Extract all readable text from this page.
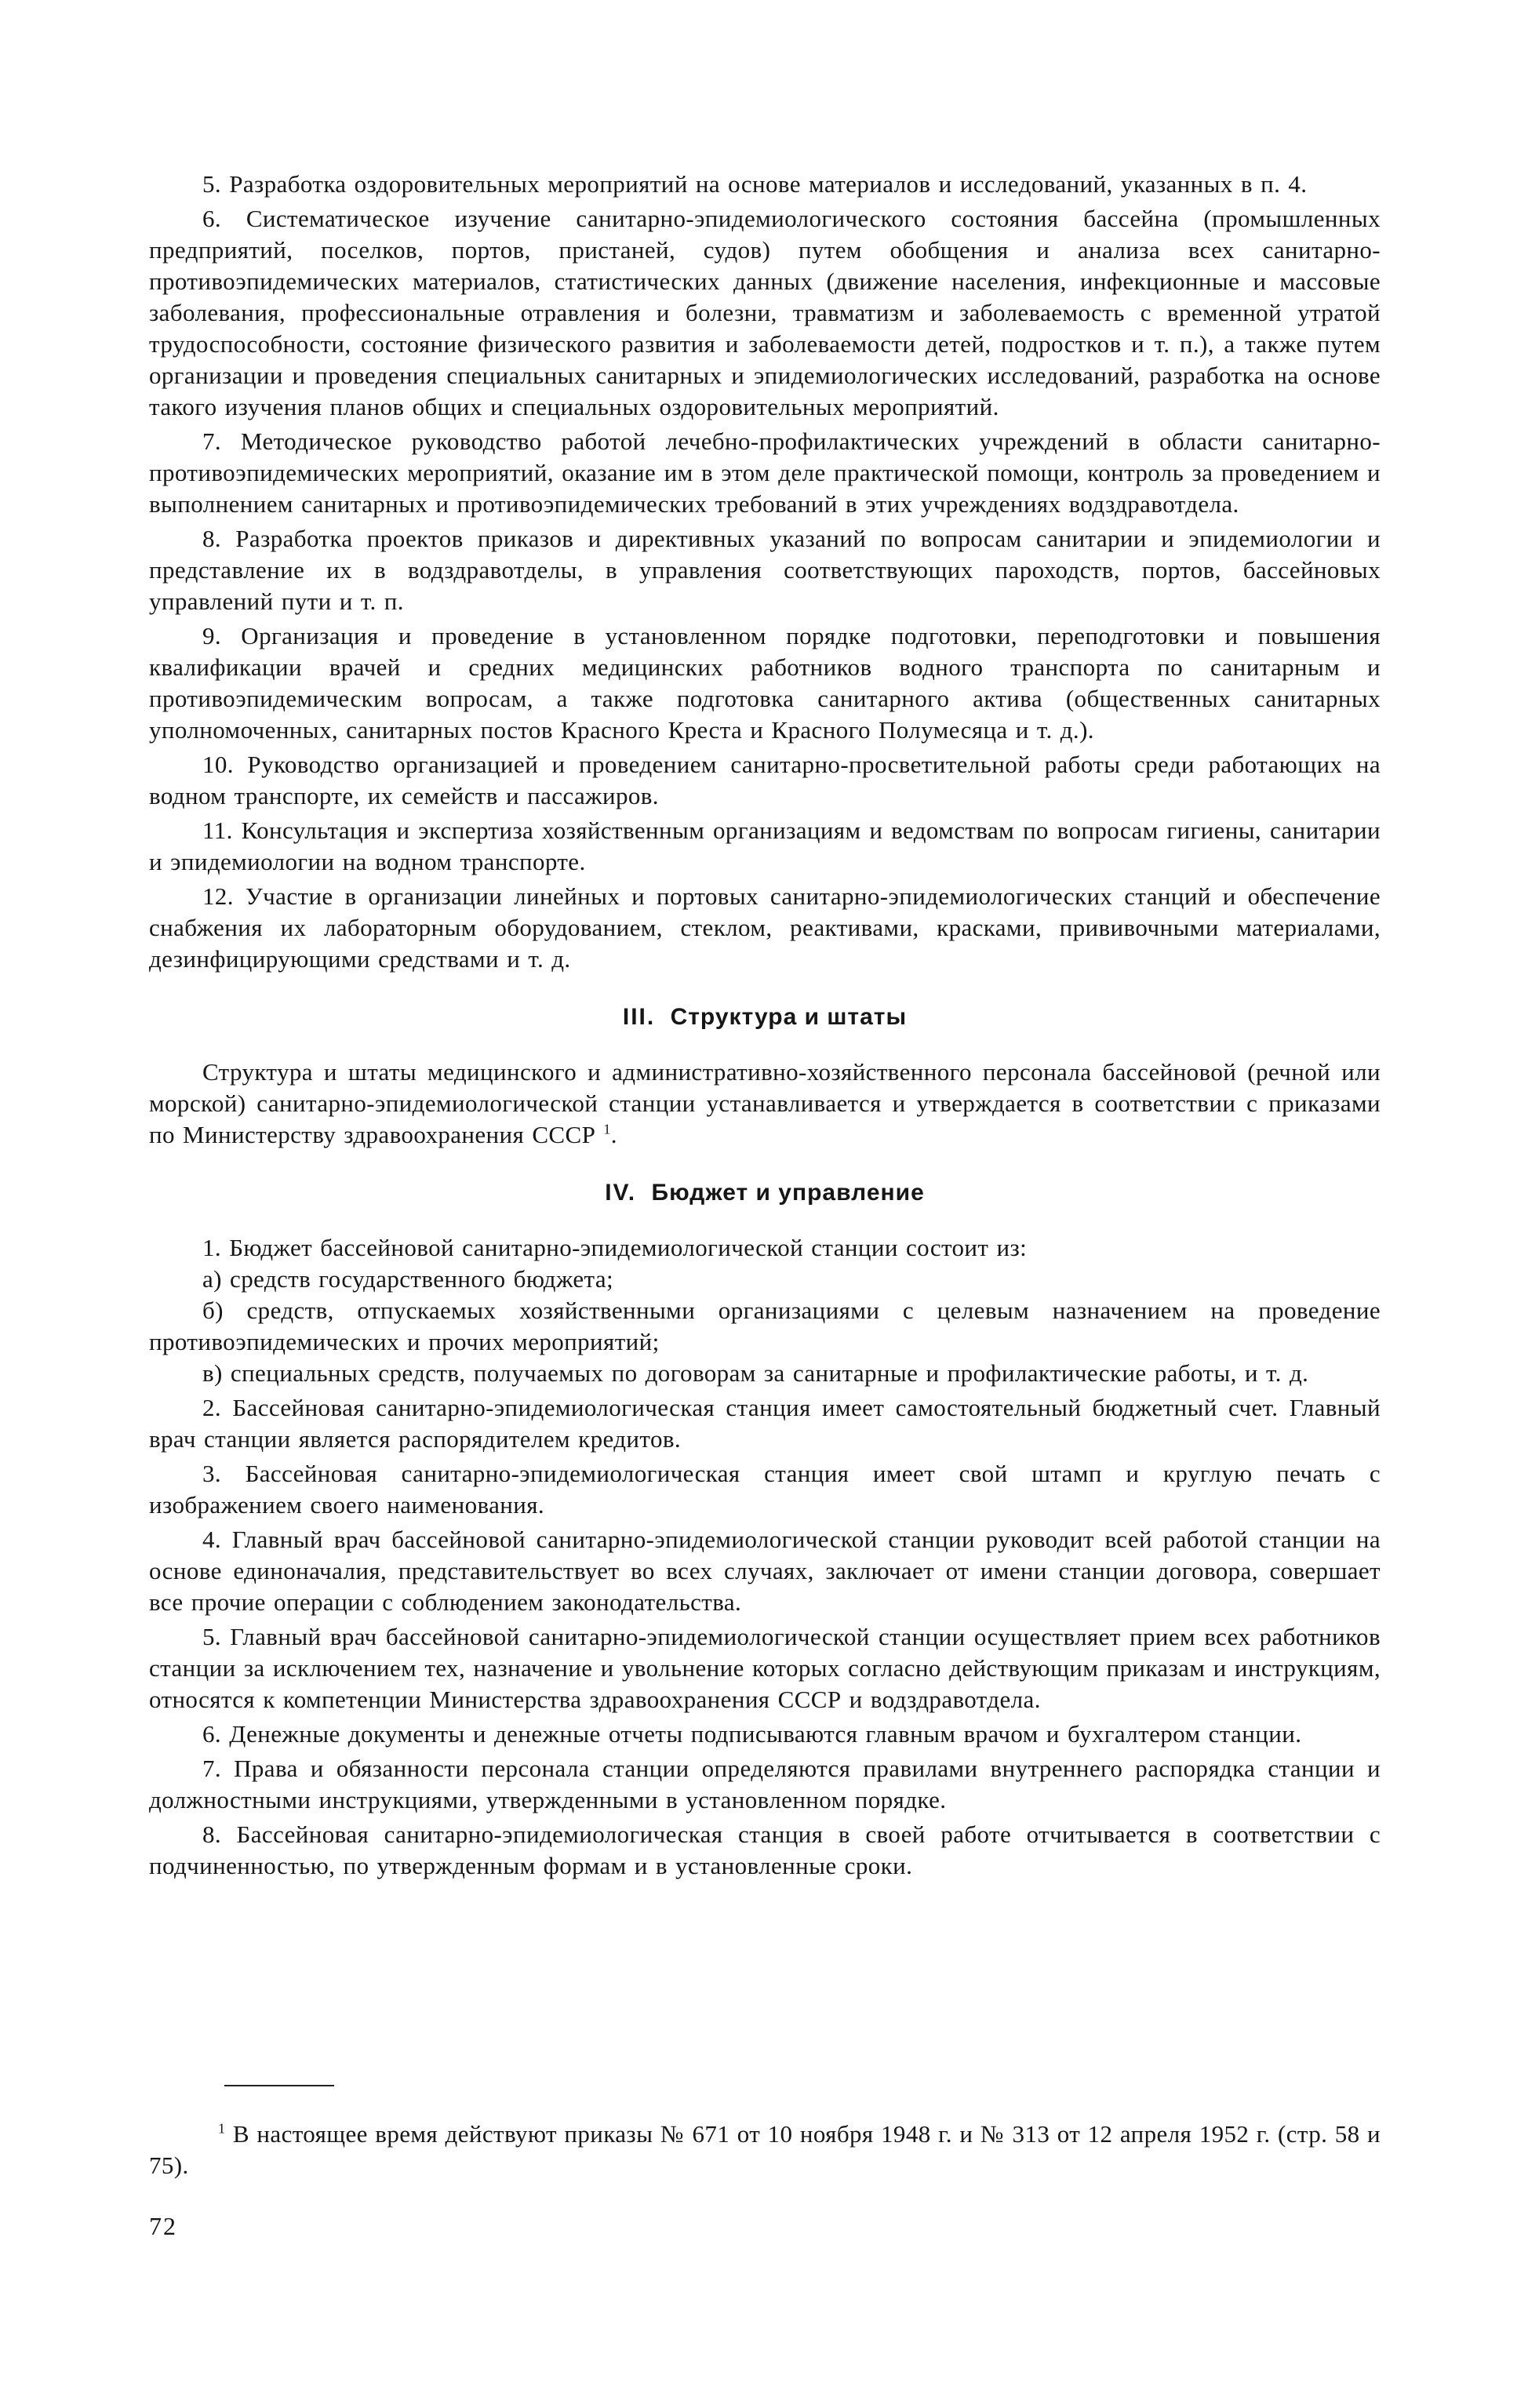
5. Разработка оздоровительных мероприятий на основе материалов и исследований, указанных в п. 4.

6. Систематическое изучение санитарно-эпидемиологического состояния бассейна (промышленных предприятий, поселков, портов, пристаней, судов) путем обобщения и анализа всех санитарно-противоэпидемических материалов, статистических данных (движение населения, инфекционные и массовые заболевания, профессиональные отравления и болезни, травматизм и заболеваемость с временной утратой трудоспособности, состояние физического развития и заболеваемости детей, подростков и т. п.), а также путем организации и проведения специальных санитарных и эпидемиологических исследований, разработка на основе такого изучения планов общих и специальных оздоровительных мероприятий.

7. Методическое руководство работой лечебно-профилактических учреждений в области санитарно-противоэпидемических мероприятий, оказание им в этом деле практической помощи, контроль за проведением и выполнением санитарных и противоэпидемических требований в этих учреждениях водздравотдела.

8. Разработка проектов приказов и директивных указаний по вопросам санитарии и эпидемиологии и представление их в водздравотделы, в управления соответствующих пароходств, портов, бассейновых управлений пути и т. п.

9. Организация и проведение в установленном порядке подготовки, переподготовки и повышения квалификации врачей и средних медицинских работников водного транспорта по санитарным и противоэпидемическим вопросам, а также подготовка санитарного актива (общественных санитарных уполномоченных, санитарных постов Красного Креста и Красного Полумесяца и т. д.).

10. Руководство организацией и проведением санитарно-просветительной работы среди работающих на водном транспорте, их семейств и пассажиров.

11. Консультация и экспертиза хозяйственным организациям и ведомствам по вопросам гигиены, санитарии и эпидемиологии на водном транспорте.

12. Участие в организации линейных и портовых санитарно-эпидемиологических станций и обеспечение снабжения их лабораторным оборудованием, стеклом, реактивами, красками, прививочными материалами, дезинфицирующими средствами и т. д.

III. Структура и штаты

Структура и штаты медицинского и административно-хозяйственного персонала бассейновой (речной или морской) санитарно-эпидемиологической станции устанавливается и утверждается в соответствии с приказами по Министерству здравоохранения СССР $^1$.

IV. Бюджет и управление

1. Бюджет бассейновой санитарно-эпидемиологической станции состоит из:

а) средств государственного бюджета;

б) средств, отпускаемых хозяйственными организациями с целевым назначением на проведение противоэпидемических и прочих мероприятий;

в) специальных средств, получаемых по договорам за санитарные и профилактические работы, и т. д.

2. Бассейновая санитарно-эпидемиологическая станция имеет самостоятельный бюджетный счет. Главный врач станции является распорядителем кредитов.

3. Бассейновая санитарно-эпидемиологическая станция имеет свой штамп и круглую печать с изображением своего наименования.

4. Главный врач бассейновой санитарно-эпидемиологической станции руководит всей работой станции на основе единоначалия, представительствует во всех случаях, заключает от имени станции договора, совершает все прочие операции с соблюдением законодательства.

5. Главный врач бассейновой санитарно-эпидемиологической станции осуществляет прием всех работников станции за исключением тех, назначение и увольнение которых согласно действующим приказам и инструкциям, относятся к компетенции Министерства здравоохранения СССР и водздравотдела.

6. Денежные документы и денежные отчеты подписываются главным врачом и бухгалтером станции.

7. Права и обязанности персонала станции определяются правилами внутреннего распорядка станции и должностными инструкциями, утвержденными в установленном порядке.

8. Бассейновая санитарно-эпидемиологическая станция в своей работе отчитывается в соответствии с подчиненностью, по утвержденным формам и в установленные сроки.

$^1$ В настоящее время действуют приказы № 671 от 10 ноября 1948 г. и № 313 от 12 апреля 1952 г. (стр. 58 и 75).

72
